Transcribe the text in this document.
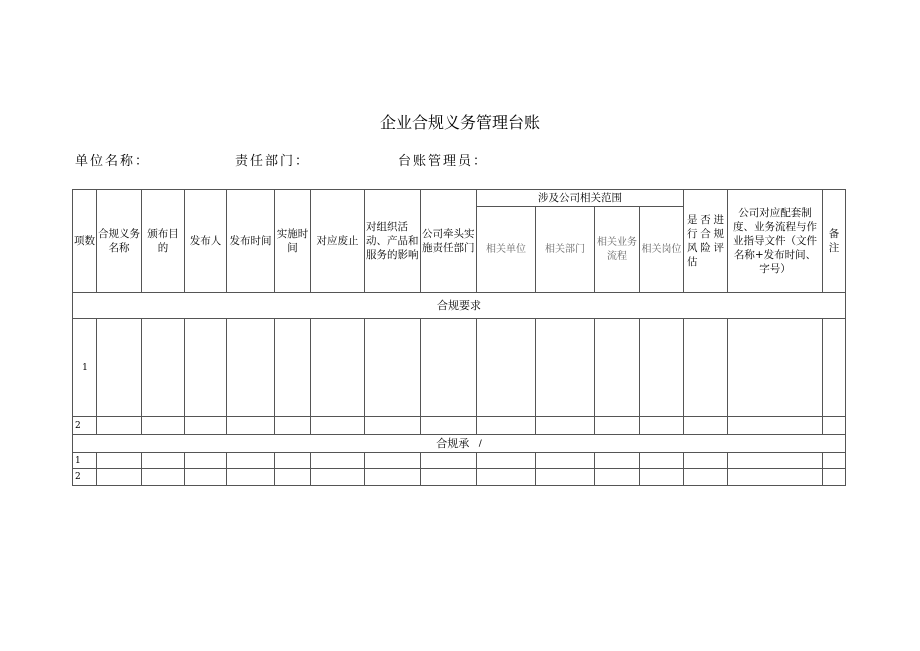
企业合规义务管理台账
单位名称：	责任部门：	台账管理员：
项数	合规义务名称	颁布目的	发布人	发布时间	实施时间	对应废止	对组织活动、产品和服务的影响	公司牵头实施责任部门	涉及公司相关范围				是否进行合规风险评估	公司对应配套制度、业务流程与作业指导文件（文件名称+发布时间、字号）	备注
									相关单位	相关部门	相关业务流程	相关岗位			
合规要求															
1															
2															
合规承 /
1															
2															
